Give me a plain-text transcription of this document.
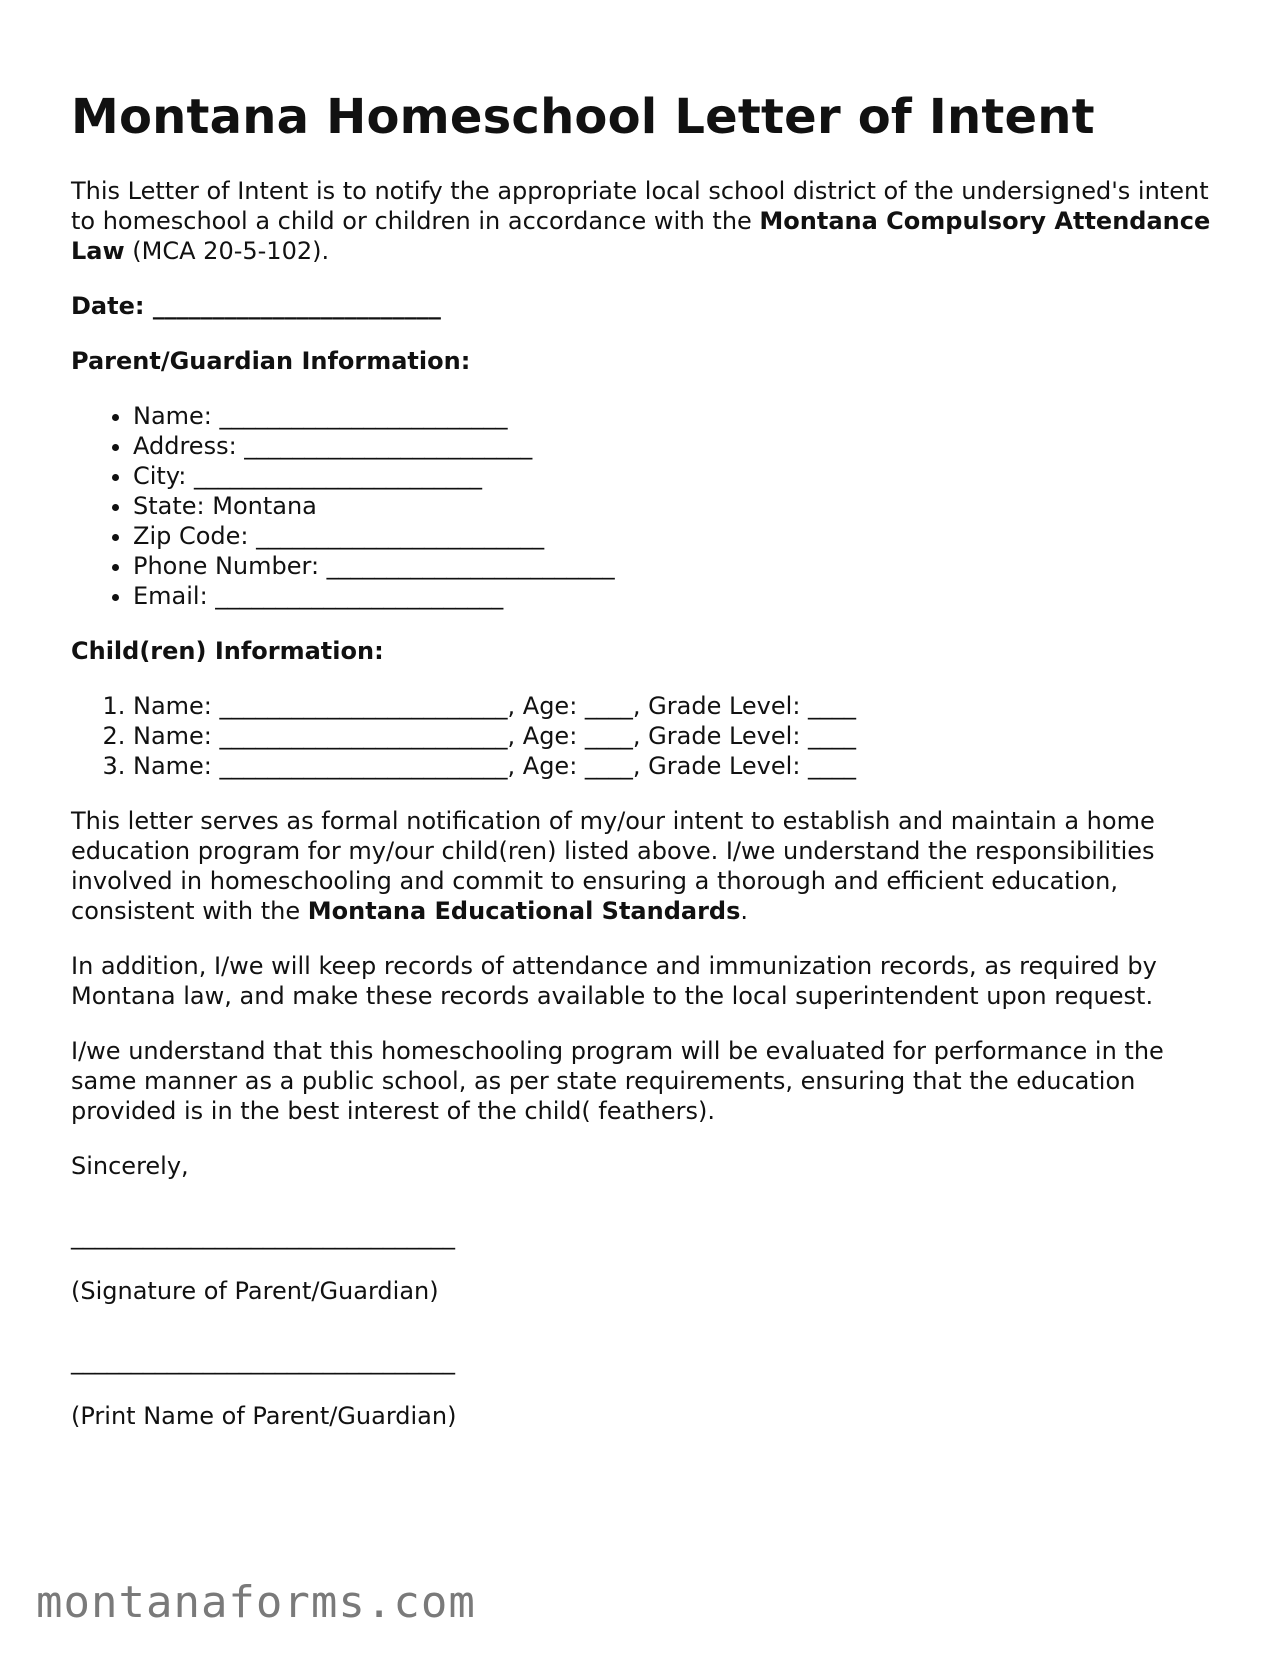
Montana Homeschool Letter of Intent

This Letter of Intent is to notify the appropriate local school district of the undersigned's intent to homeschool a child or children in accordance with the Montana Compulsory Attendance Law (MCA 20-5-102).

Date: ________________________

Parent/Guardian Information:

• Name: ________________________
• Address: ________________________
• City: ________________________
• State: Montana
• Zip Code: ________________________
• Phone Number: ________________________
• Email: ________________________

Child(ren) Information:

1. Name: ________________________, Age: ____, Grade Level: ____
2. Name: ________________________, Age: ____, Grade Level: ____
3. Name: ________________________, Age: ____, Grade Level: ____

This letter serves as formal notification of my/our intent to establish and maintain a home education program for my/our child(ren) listed above. I/we understand the responsibilities involved in homeschooling and commit to ensuring a thorough and efficient education, consistent with the Montana Educational Standards.

In addition, I/we will keep records of attendance and immunization records, as required by Montana law, and make these records available to the local superintendent upon request.

I/we understand that this homeschooling program will be evaluated for performance in the same manner as a public school, as per state requirements, ensuring that the education provided is in the best interest of the child( feathers).

Sincerely,

________________________________

(Signature of Parent/Guardian)

________________________________

(Print Name of Parent/Guardian)

montanaforms.com
